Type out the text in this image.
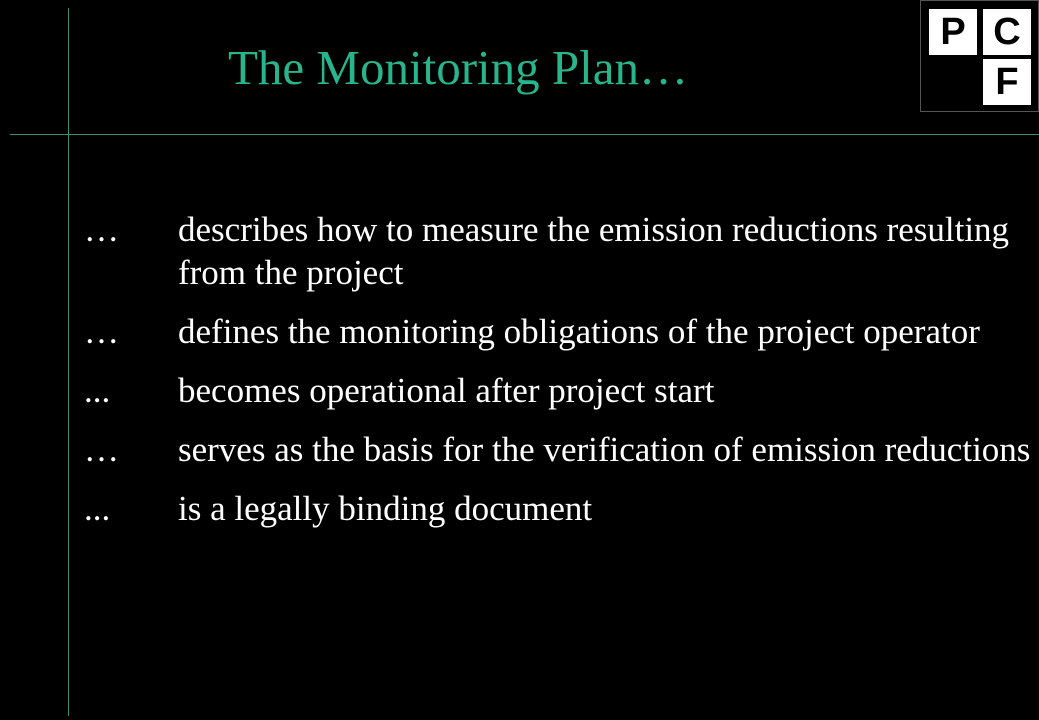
The Monitoring Plan…
P C
F
…	describes how to measure the emission reductions resulting from the project
…	defines the monitoring obligations of the project operator
...	becomes operational after project start
…	serves as the basis for the verification of emission reductions
...	is a legally binding document
